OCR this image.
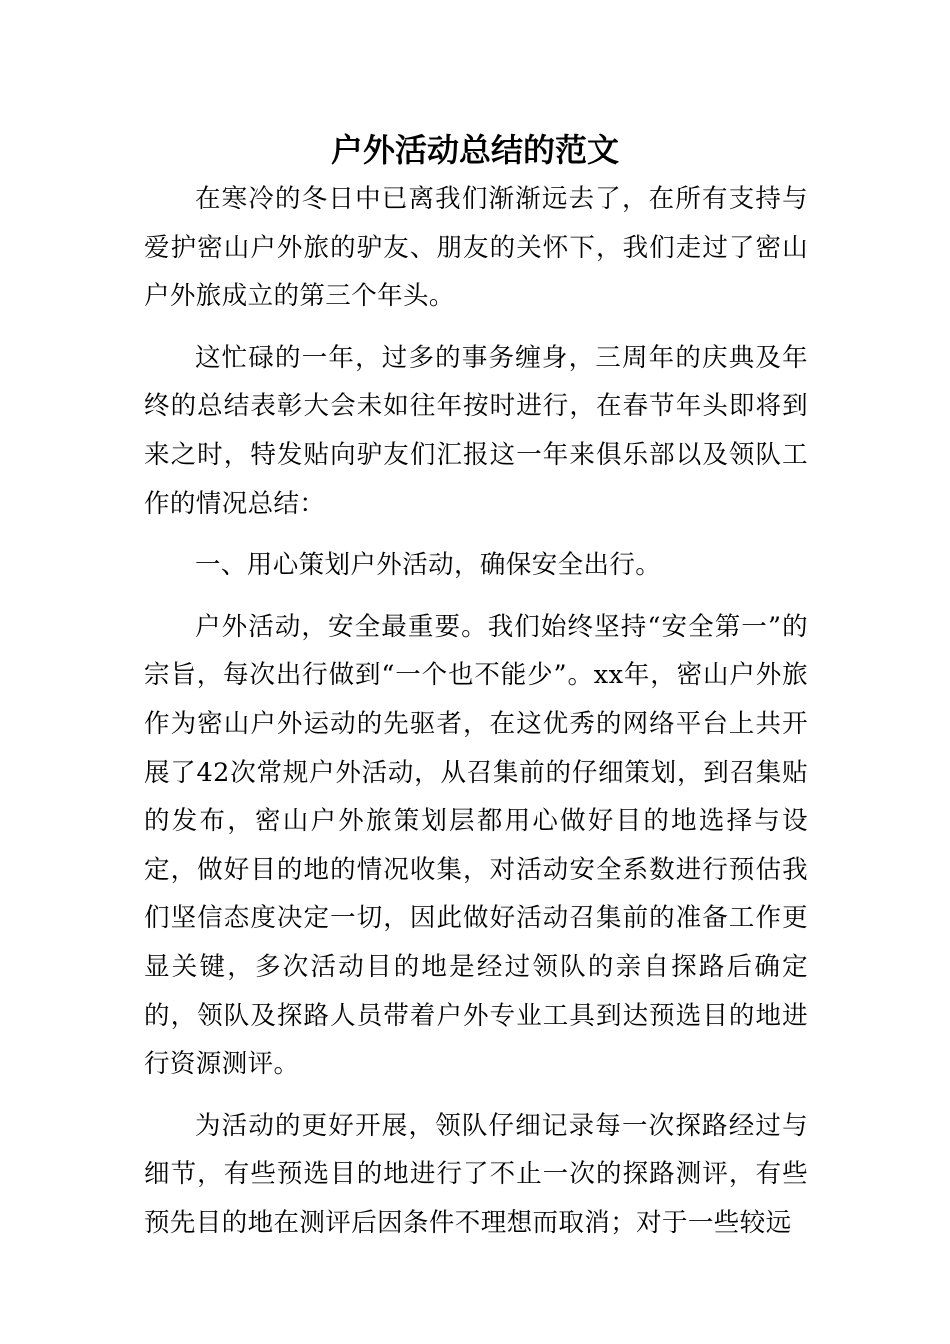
户外活动总结的范文

在寒冷的冬日中已离我们渐渐远去了，在所有支持与爱护密山户外旅的驴友、朋友的关怀下，我们走过了密山户外旅成立的第三个年头。

这忙碌的一年，过多的事务缠身，三周年的庆典及年终的总结表彰大会未如往年按时进行，在春节年头即将到来之时，特发贴向驴友们汇报这一年来俱乐部以及领队工作的情况总结：

一、用心策划户外活动，确保安全出行。

户外活动，安全最重要。我们始终坚持“安全第一”的宗旨，每次出行做到“一个也不能少”。xx年，密山户外旅作为密山户外运动的先驱者，在这优秀的网络平台上共开展了42次常规户外活动，从召集前的仔细策划，到召集贴的发布，密山户外旅策划层都用心做好目的地选择与设定，做好目的地的情况收集，对活动安全系数进行预估我们坚信态度决定一切，因此做好活动召集前的准备工作更显关键，多次活动目的地是经过领队的亲自探路后确定的，领队及探路人员带着户外专业工具到达预选目的地进行资源测评。

为活动的更好开展，领队仔细记录每一次探路经过与细节，有些预选目的地进行了不止一次的探路测评，有些预先目的地在测评后因条件不理想而取消；对于一些较远
